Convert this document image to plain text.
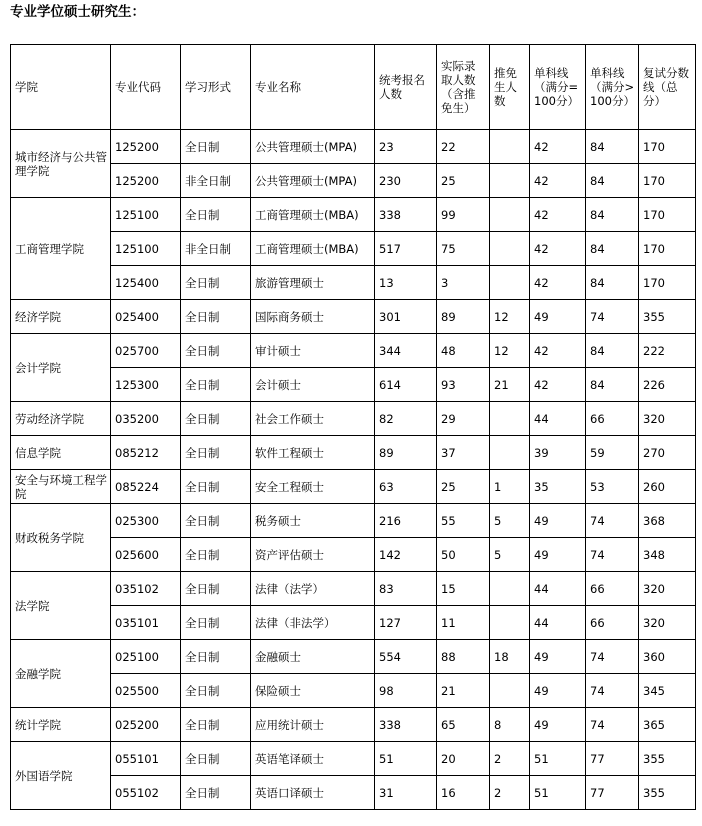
专业学位硕士研究生：
学院	专业代码	学习形式	专业名称	统考报名人数	实际录取人数（含推免生）	推免生人数	单科线（满分=100分）	单科线（满分>100分）	复试分数线（总分）
城市经济与公共管理学院	125200	全日制	公共管理硕士(MPA)	23	22		42	84	170
	125200	非全日制	公共管理硕士(MPA)	230	25		42	84	170
工商管理学院	125100	全日制	工商管理硕士(MBA)	338	99		42	84	170
	125100	非全日制	工商管理硕士(MBA)	517	75		42	84	170
	125400	全日制	旅游管理硕士	13	3		42	84	170
经济学院	025400	全日制	国际商务硕士	301	89	12	49	74	355
会计学院	025700	全日制	审计硕士	344	48	12	42	84	222
	125300	全日制	会计硕士	614	93	21	42	84	226
劳动经济学院	035200	全日制	社会工作硕士	82	29		44	66	320
信息学院	085212	全日制	软件工程硕士	89	37		39	59	270
安全与环境工程学院	085224	全日制	安全工程硕士	63	25	1	35	53	260
财政税务学院	025300	全日制	税务硕士	216	55	5	49	74	368
	025600	全日制	资产评估硕士	142	50	5	49	74	348
法学院	035102	全日制	法律（法学）	83	15		44	66	320
	035101	全日制	法律（非法学）	127	11		44	66	320
金融学院	025100	全日制	金融硕士	554	88	18	49	74	360
	025500	全日制	保险硕士	98	21		49	74	345
统计学院	025200	全日制	应用统计硕士	338	65	8	49	74	365
外国语学院	055101	全日制	英语笔译硕士	51	20	2	51	77	355
	055102	全日制	英语口译硕士	31	16	2	51	77	355
